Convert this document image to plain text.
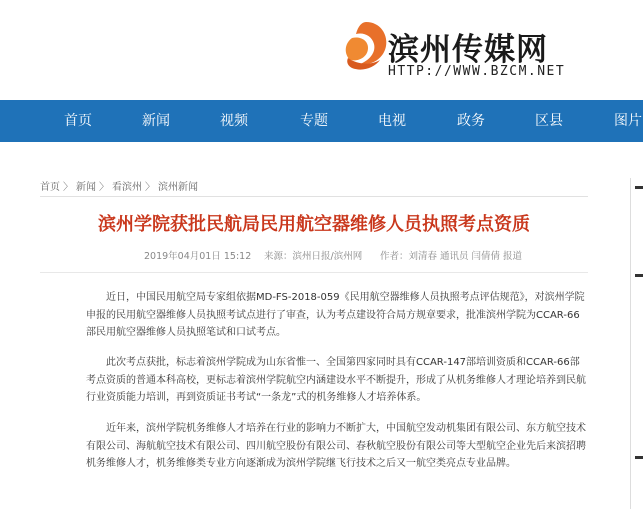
滨州传媒网
HTTP://WWW.BZCM.NET
首页	新闻	视频	专题	电视	政务	区县	图片
首页 〉 新闻 〉 看滨州 〉 滨州新闻
滨州学院获批民航局民用航空器维修人员执照考点资质
2019年04月01日 15:12 来源：滨州日报/滨州网 作者：刘清春 通讯员 闫倩倩 报道

近日，中国民用航空局专家组依据MD-FS-2018-059《民用航空器维修人员执照考点评估规范》，对滨州学院申报的民用航空器维修人员执照考试点进行了审查，认为考点建设符合局方规章要求，批准滨州学院为CCAR-66部民用航空器维修人员执照笔试和口试考点。

此次考点获批，标志着滨州学院成为山东省惟一、全国第四家同时具有CCAR-147部培训资质和CCAR-66部考点资质的普通本科高校，更标志着滨州学院航空内涵建设水平不断提升，形成了从机务维修人才理论培养到民航行业资质能力培训，再到资质证书考试“一条龙”式的机务维修人才培养体系。

近年来，滨州学院机务维修人才培养在行业的影响力不断扩大，中国航空发动机集团有限公司、东方航空技术有限公司、海航航空技术有限公司、四川航空股份有限公司、春秋航空股份有限公司等大型航空企业先后来滨招聘机务维修人才，机务维修类专业方向逐渐成为滨州学院继飞行技术之后又一航空类亮点专业品牌。
